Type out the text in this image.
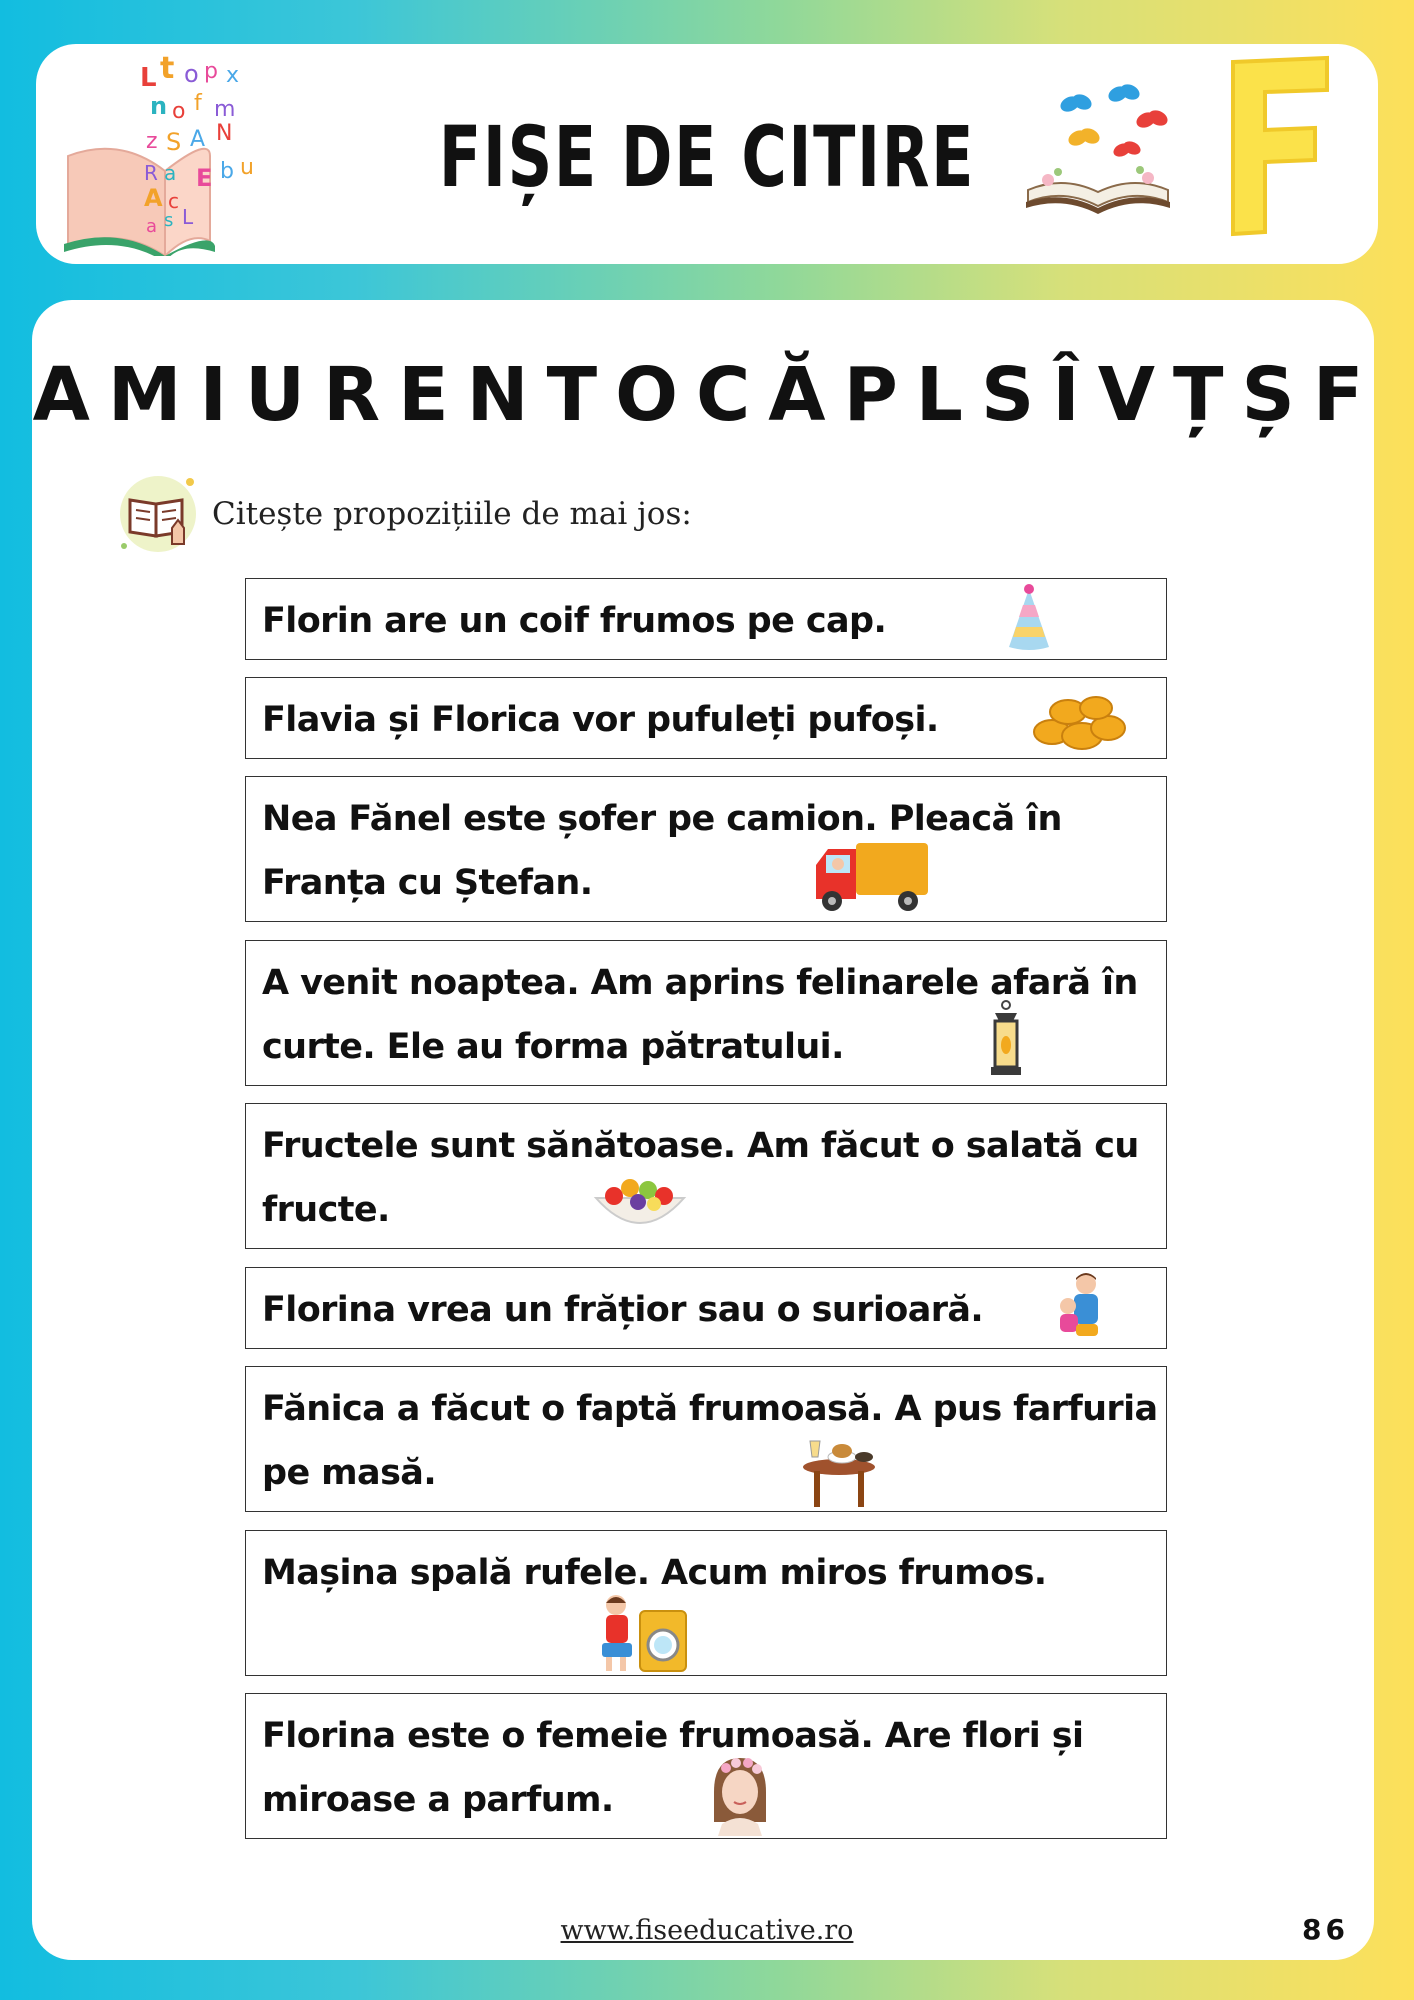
L t o p x
n o f m
z S A N
R a E b u
A c
a s L
FIȘE DE CITIRE
AMIURENTOCĂPLSÎVȚȘF
Citește propozițiile de mai jos:
Florin are un coif frumos pe cap.
Flavia și Florica vor pufuleți pufoși.
Nea Fănel este șofer pe camion. Pleacă în Franța cu Ștefan.
A venit noaptea. Am aprins felinarele afară în curte. Ele au forma pătratului.
Fructele sunt sănătoase. Am făcut o salată cu fructe.
Florina vrea un frățior sau o surioară.
Fănica a făcut o faptă frumoasă. A pus farfuria pe masă.
Mașina spală rufele. Acum miros frumos.
Florina este o femeie frumoasă. Are flori și miroase a parfum.
www.fiseeducative.ro	86
